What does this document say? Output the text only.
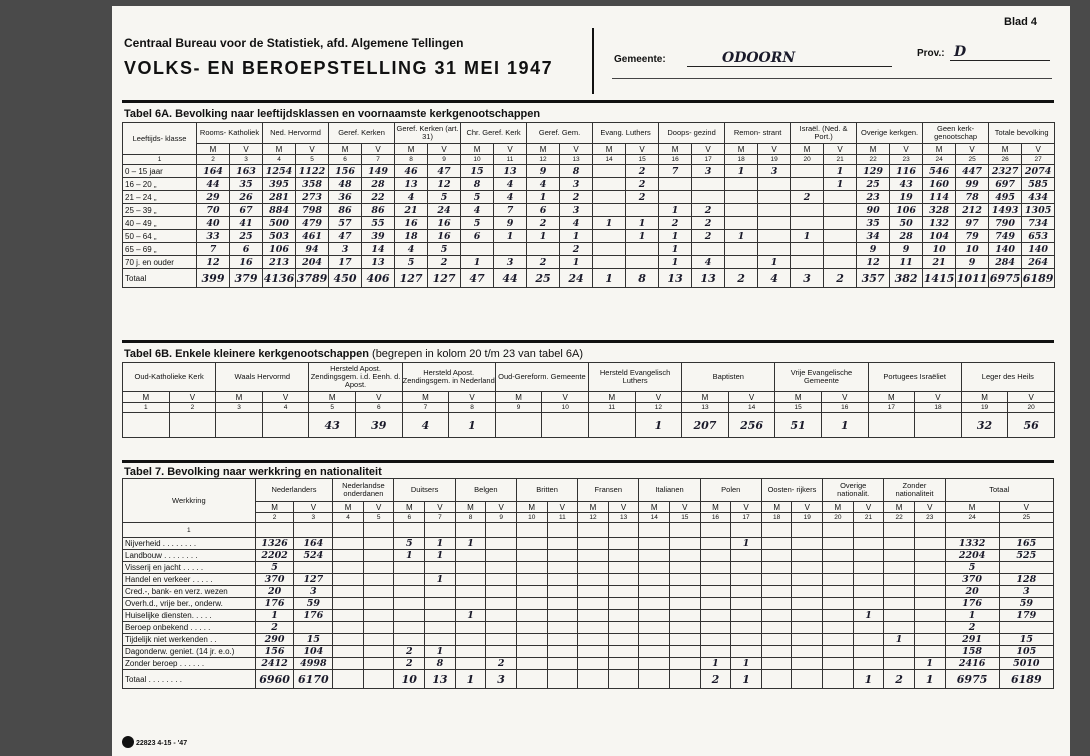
Blad 4
Centraal Bureau voor de Statistiek, afd. Algemene Tellingen
VOLKS- EN BEROEPSTELLING 31 MEI 1947	Gemeente:	ODOORN	Prov.: D
Tabel 6A. Bevolking naar leeftijdsklassen en voornaamste kerkgenootschappen
Leeftijds- klasse	Rooms- Katholiek		Ned. Hervormd		Geref. Kerken		Geref. Kerken (art. 31)		Chr. Geref. Kerk		Geref. Gem.		Evang. Luthers		Doops- gezind		Remon- strant		Israël. (Ned. & Port.)		Overige kerkgen.		Geen kerk- genootschap		Totale bevolking	
	M	V	M	V	M	V	M	V	M	V	M	V	M	V	M	V	M	V	M	V	M	V	M	V	M	V
1	2	3	4	5	6	7	8	9	10	11	12	13	14	15	16	17	18	19	20	21	22	23	24	25	26	27
0 – 15 jaar	164	163	1254	1122	156	149	46	47	15	13	9	8		2	7	3	1	3		1	129	116	546	447	2327	2074
16 – 20 „	44	35	395	358	48	28	13	12	8	4	4	3		2						1	25	43	160	99	697	585
21 – 24 „	29	26	281	273	36	22	4	5	5	4	1	2		2					2		23	19	114	78	495	434
25 – 39 „	70	67	884	798	86	86	21	24	4	7	6	3			1	2					90	106	328	212	1493	1305
40 – 49 „	40	41	500	479	57	55	16	16	5	9	2	4	1	1	2	2					35	50	132	97	790	734
50 – 64 „	33	25	503	461	47	39	18	16	6	1	1	1		1	1	2	1		1		34	28	104	79	749	653
65 – 69 „	7	6	106	94	3	14	4	5				2			1						9	9	10	10	140	140
70 j. en ouder	12	16	213	204	17	13	5	2	1	3	2	1			1	4		1			12	11	21	9	284	264
Totaal	399	379	4136	3789	450	406	127	127	47	44	25	24	1	8	13	13	2	4	3	2	357	382	1415	1011	6975	6189
Tabel 6B. Enkele kleinere kerkgenootschappen (begrepen in kolom 20 t/m 23 van tabel 6A)
Oud-Katholieke Kerk		Waals Hervormd		Hersteld Apost. Zendingsgem. i.d. Eenh. d. Apost.		Hersteld Apost. Zendingsgem. in Nederland		Oud-Gereform. Gemeente		Hersteld Evangelisch Luthers		Baptisten		Vrije Evangelische Gemeente		Portugees Israëliet		Leger des Heils	
M	V	M	V	M	V	M	V	M	V	M	V	M	V	M	V	M	V	M	V
1	2	3	4	5	6	7	8	9	10	11	12	13	14	15	16	17	18	19	20
				43	39	4	1				1	207	256	51	1			32	56
Tabel 7. Bevolking naar werkkring en nationaliteit
Werkkring	Nederlanders		Nederlandse onderdanen		Duitsers		Belgen		Britten		Fransen		Italianen		Polen		Oosten- rijkers		Overige nationalit.		Zonder nationaliteit		Totaal	
	M	V	M	V	M	V	M	V	M	V	M	V	M	V	M	V	M	V	M	V	M	V	M	V
	2	3	4	5	6	7	8	9	10	11	12	13	14	15	16	17	18	19	20	21	22	23	24	25
1																								
Nijverheid . . . . . . . .	1326	164			5	1	1									1							1332	165
Landbouw . . . . . . . .	2202	524			1	1																	2204	525
Visserij en jacht . . . . .	5																						5	
Handel en verkeer . . . . .	370	127				1																	370	128
Cred.-, bank- en verz. wezen	20	3																					20	3
Overh.d., vrije ber., onderw.	176	59																					176	59
Huiselijke diensten. . . . .	1	176					1													1			1	179
Beroep onbekend . . . . .	2																						2	
Tijdelijk niet werkenden . .	290	15																			1		291	15
Dagonderw. geniet. (14 jr. e.o.)	156	104			2	1																	158	105
Zonder beroep . . . . . .	2412	4998			2	8		2							1	1						1	2416	5010
Totaal . . . . . . . .	6960	6170			10	13	1	3							2	1				1	2	1	6975	6189
22823 4-15 - '47
